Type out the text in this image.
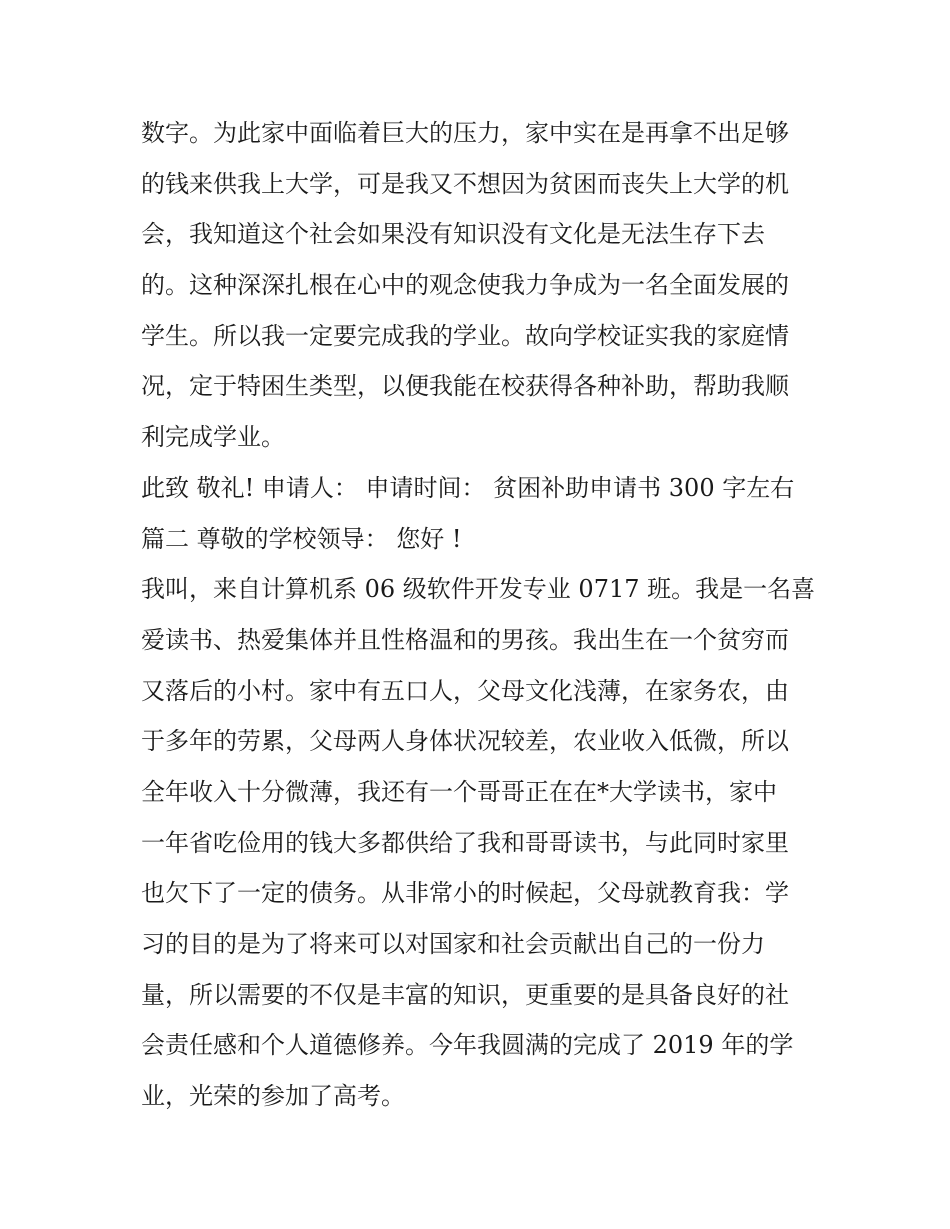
数字。为此家中面临着巨大的压力，家中实在是再拿不出足够
的钱来供我上大学，可是我又不想因为贫困而丧失上大学的机
会，我知道这个社会如果没有知识没有文化是无法生存下去
的。这种深深扎根在心中的观念使我力争成为一名全面发展的
学生。所以我一定要完成我的学业。故向学校证实我的家庭情
况，定于特困生类型，以便我能在校获得各种补助，帮助我顺
利完成学业。
此致 敬礼! 申请人： 申请时间： 贫困补助申请书 300 字左右
篇二 尊敬的学校领导： 您好 !
我叫，来自计算机系 06 级软件开发专业 0717 班。我是一名喜
爱读书、热爱集体并且性格温和的男孩。我出生在一个贫穷而
又落后的小村。家中有五口人，父母文化浅薄，在家务农，由
于多年的劳累，父母两人身体状况较差，农业收入低微，所以
全年收入十分微薄，我还有一个哥哥正在在*大学读书，家中
一年省吃俭用的钱大多都供给了我和哥哥读书，与此同时家里
也欠下了一定的债务。从非常小的时候起，父母就教育我：学
习的目的是为了将来可以对国家和社会贡献出自己的一份力
量，所以需要的不仅是丰富的知识，更重要的是具备良好的社
会责任感和个人道德修养。今年我圆满的完成了 2019 年的学
业，光荣的参加了高考。
